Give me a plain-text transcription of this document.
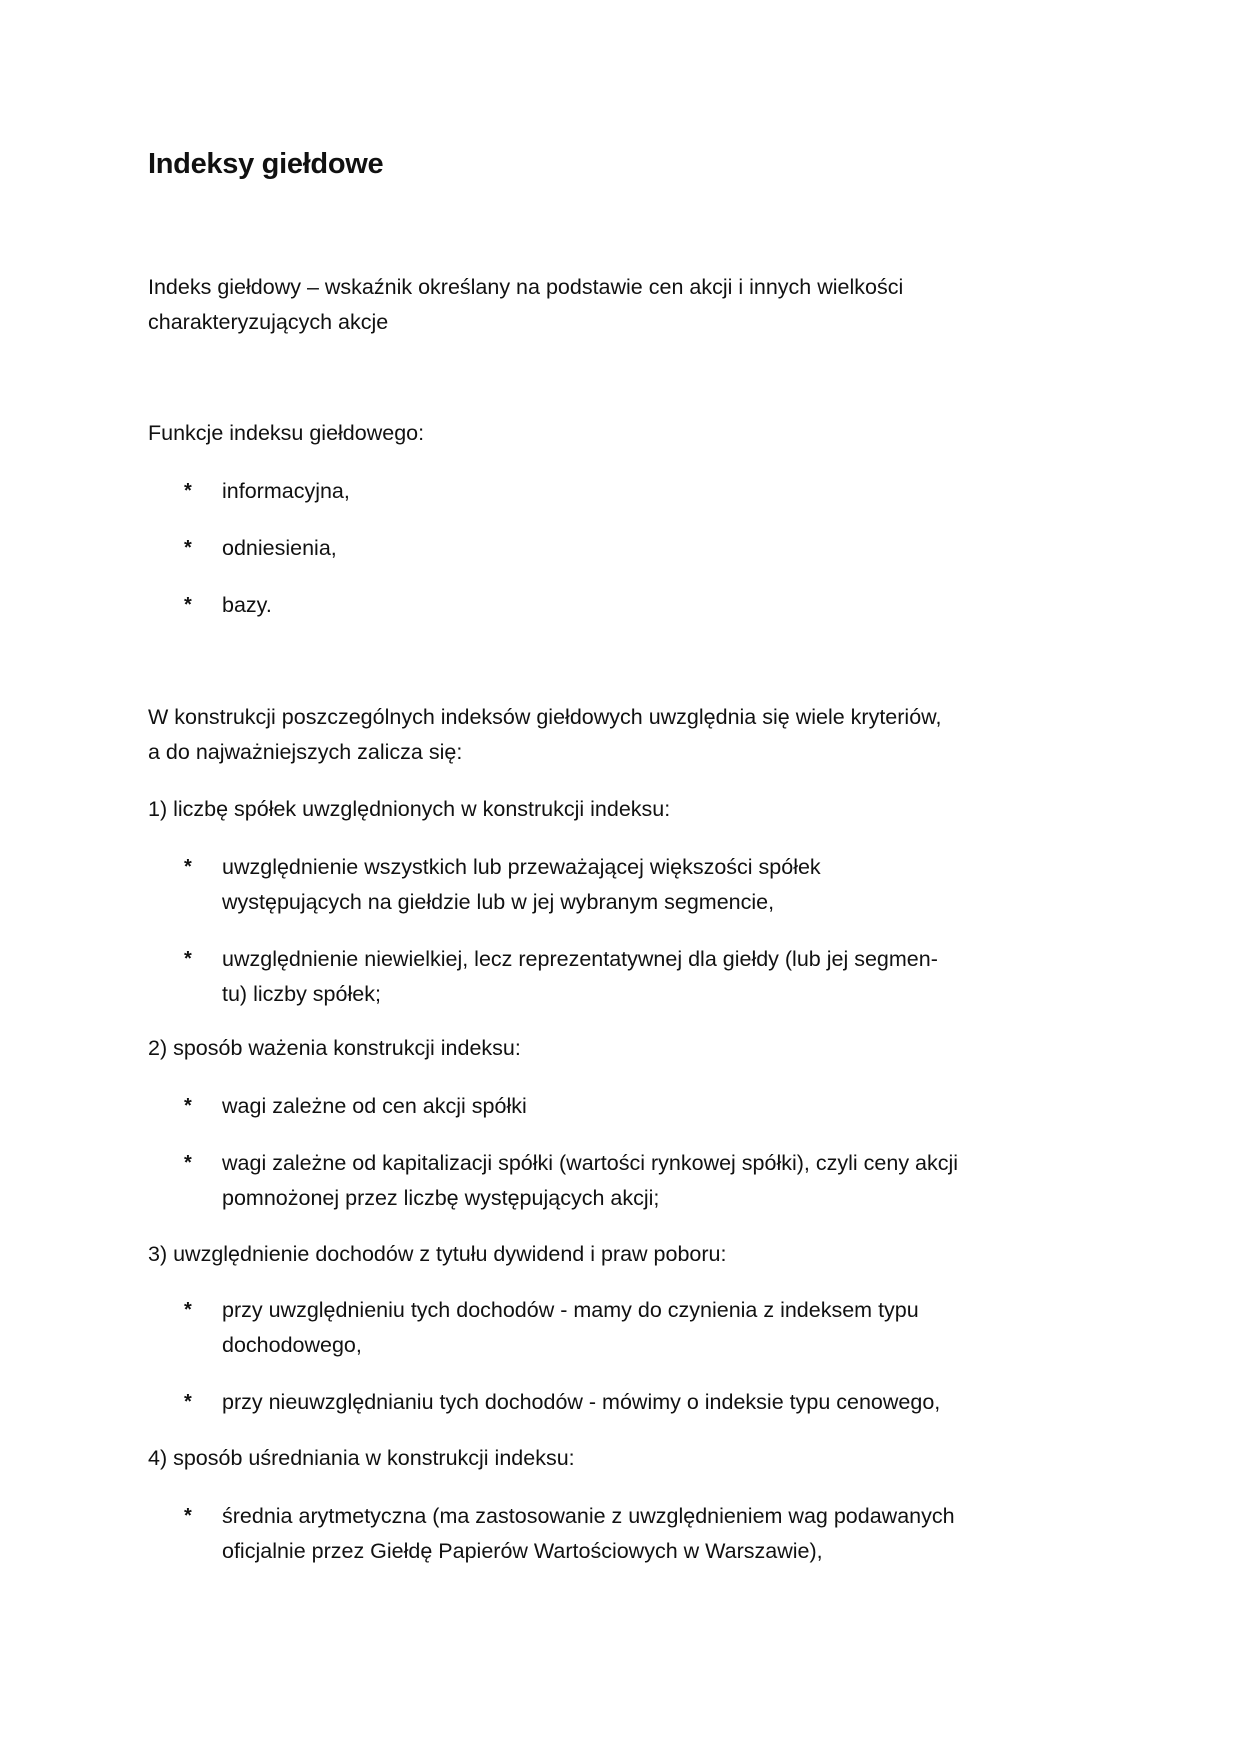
Indeksy giełdowe

Indeks giełdowy – wskaźnik określany na podstawie cen akcji i innych wielkości

charakteryzujących akcje

Funkcje indeksu giełdowego:

* informacyjna,
* odniesienia,
* bazy.

W konstrukcji poszczególnych indeksów giełdowych uwzględnia się wiele kryteriów,

a do najważniejszych zalicza się:

1) liczbę spółek uwzględnionych w konstrukcji indeksu:

* uwzględnienie wszystkich lub przeważającej większości spółek
występujących na giełdzie lub w jej wybranym segmencie,
* uwzględnienie niewielkiej, lecz reprezentatywnej dla giełdy (lub jej segmen-
tu) liczby spółek;

2) sposób ważenia konstrukcji indeksu:

* wagi zależne od cen akcji spółki
* wagi zależne od kapitalizacji spółki (wartości rynkowej spółki), czyli ceny akcji
pomnożonej przez liczbę występujących akcji;

3) uwzględnienie dochodów z tytułu dywidend i praw poboru:

* przy uwzględnieniu tych dochodów - mamy do czynienia z indeksem typu
dochodowego,
* przy nieuwzględnianiu tych dochodów - mówimy o indeksie typu cenowego,

4) sposób uśredniania w konstrukcji indeksu:

* średnia arytmetyczna (ma zastosowanie z uwzględnieniem wag podawanych
oficjalnie przez Giełdę Papierów Wartościowych w Warszawie),
